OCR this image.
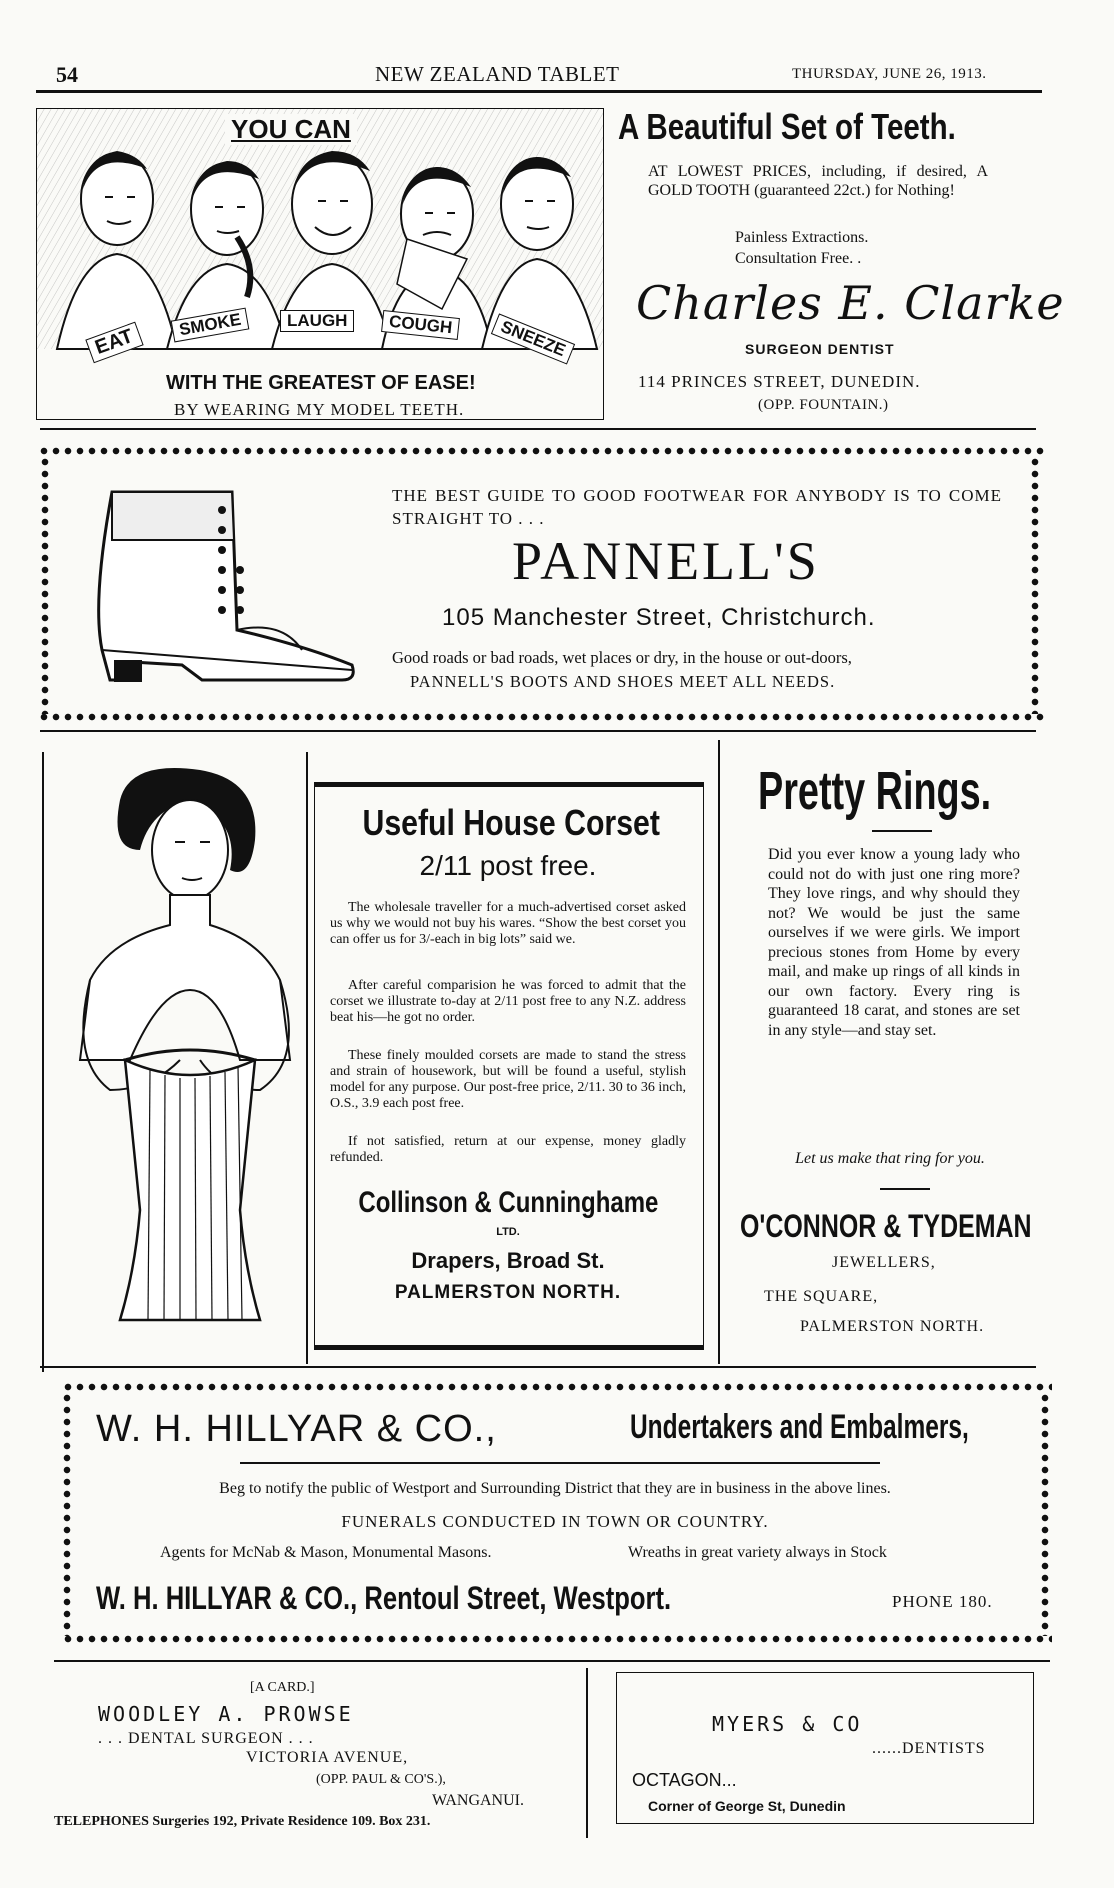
54	NEW ZEALAND TABLET	THURSDAY, JUNE 26, 1913.
YOU CAN
EAT
SMOKE	LAUGH	COUGH	SNEEZE
WITH THE GREATEST OF EASE!
BY WEARING MY MODEL TEETH.
A Beautiful Set of Teeth.
AT LOWEST PRICES, including, if desired, A GOLD TOOTH (guaranteed 22ct.) for Nothing!
Painless Extractions.
Consultation Free. .
Charles E. Clarke
SURGEON DENTIST
114 PRINCES STREET, DUNEDIN.
(OPP. FOUNTAIN.)
THE BEST GUIDE TO GOOD FOOTWEAR FOR ANYBODY IS TO COME STRAIGHT TO . . .
PANNELL'S
105 Manchester Street, Christchurch.
Good roads or bad roads, wet places or dry, in the house or out-doors,
PANNELL'S BOOTS AND SHOES MEET ALL NEEDS.
Useful House Corset
2/11 post free.
The wholesale traveller for a much-advertised corset asked us why we would not buy his wares. “Show the best corset you can offer us for 3/-each in big lots” said we.
After careful comparision he was forced to admit that the corset we illustrate to-day at 2/11 post free to any N.Z. address beat his—he got no order.
These finely moulded corsets are made to stand the stress and strain of housework, but will be found a useful, stylish model for any purpose. Our post-free price, 2/11. 30 to 36 inch, O.S., 3.9 each post free.
If not satisfied, return at our expense, money gladly refunded.
Collinson & Cunninghame
LTD.
Drapers, Broad St.
PALMERSTON NORTH.
Pretty Rings.
Did you ever know a young lady who could not do with just one ring more? They love rings, and why should they not? We would be just the same ourselves if we were girls. We import precious stones from Home by every mail, and make up rings of all kinds in our own factory. Every ring is guaranteed 18 carat, and stones are set in any style—and stay set.
Let us make that ring for you.
O'CONNOR & TYDEMAN
JEWELLERS,
THE SQUARE,
PALMERSTON NORTH.
W. H. HILLYAR & CO.,	Undertakers and Embalmers,
Beg to notify the public of Westport and Surrounding District that they are in business in the above lines.
FUNERALS CONDUCTED IN TOWN OR COUNTRY.
Agents for McNab & Mason, Monumental Masons.	Wreaths in great variety always in Stock
W. H. HILLYAR & CO., Rentoul Street, Westport.	PHONE 180.
[A CARD.]
WOODLEY A. PROWSE
. . . DENTAL SURGEON . . .
VICTORIA AVENUE,
(OPP. PAUL & CO'S.),
WANGANUI.
TELEPHONES Surgeries 192, Private Residence 109. Box 231.
MYERS & CO
......DENTISTS
OCTAGON...
Corner of George St, Dunedin
